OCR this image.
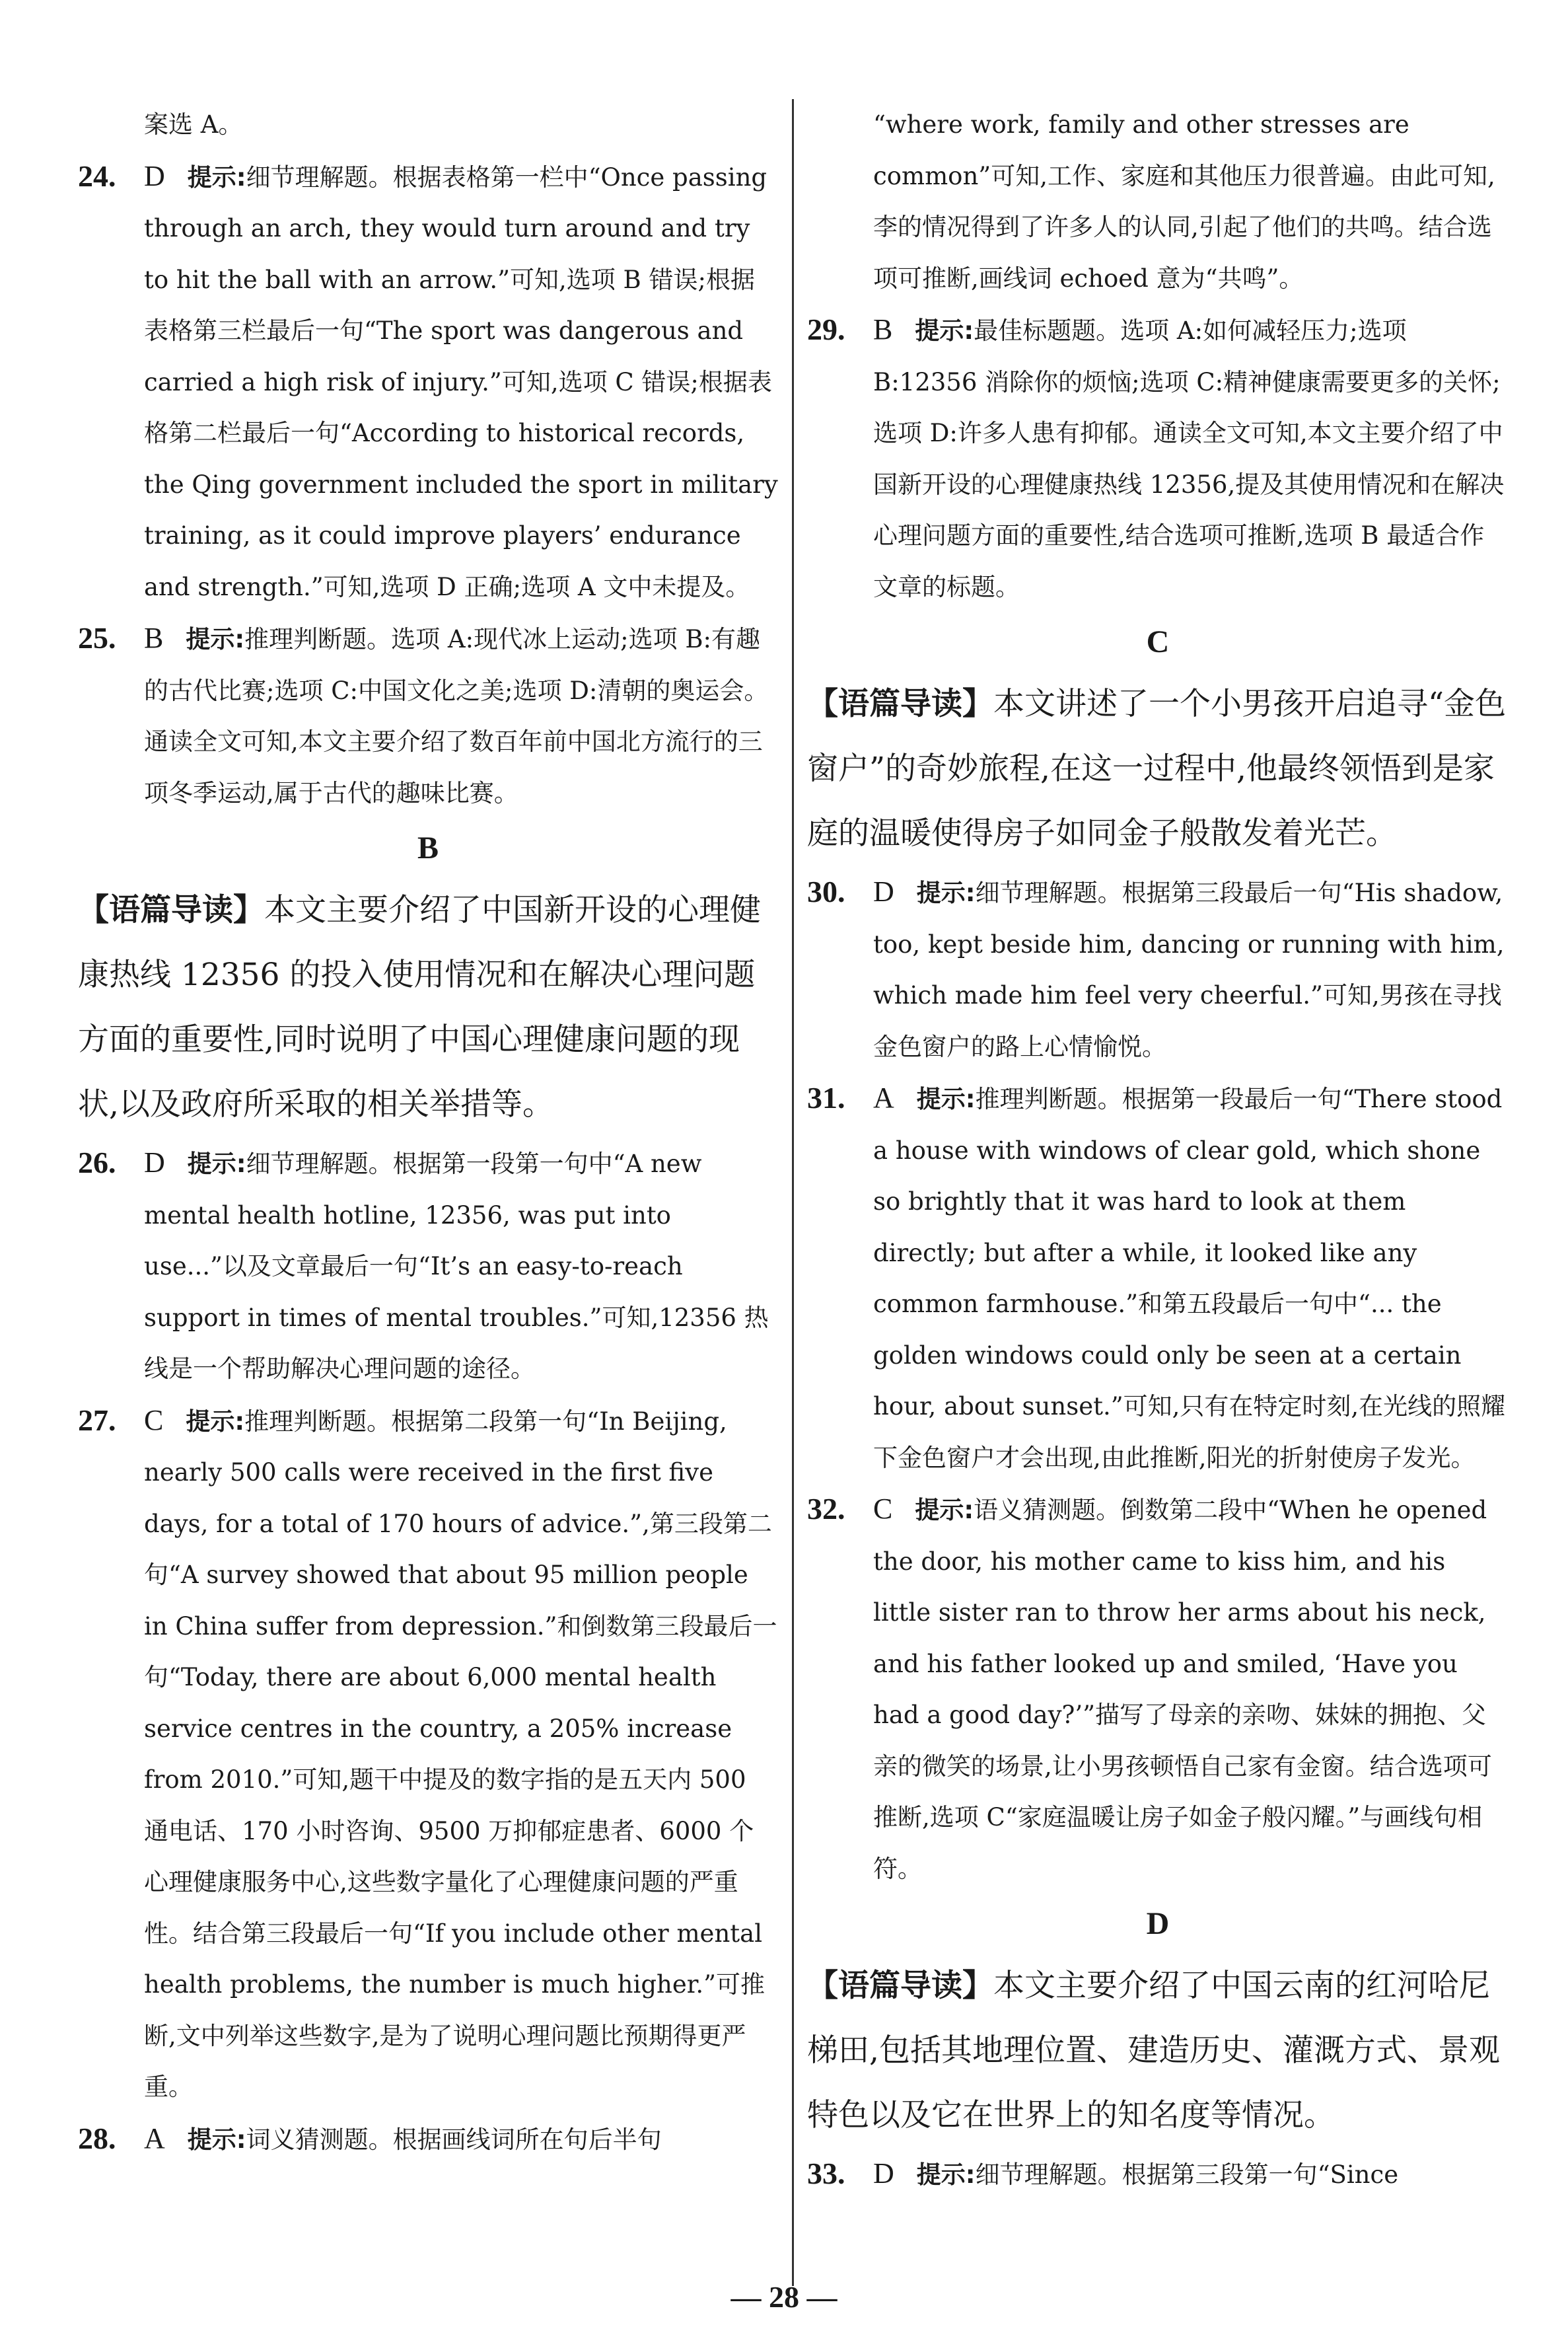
案选 A。

24. D 提示:细节理解题。根据表格第一栏中“Once passing through an arch, they would turn around and try to hit the ball with an arrow.”可知,选项 B 错误;根据表格第三栏最后一句“The sport was dangerous and carried a high risk of injury.”可知,选项 C 错误;根据表格第二栏最后一句“According to historical records, the Qing government included the sport in military training, as it could improve players’ endurance and strength.”可知,选项 D 正确;选项 A 文中未提及。
25. B 提示:推理判断题。选项 A:现代冰上运动;选项 B:有趣的古代比赛;选项 C:中国文化之美;选项 D:清朝的奥运会。通读全文可知,本文主要介绍了数百年前中国北方流行的三项冬季运动,属于古代的趣味比赛。

B

【语篇导读】本文主要介绍了中国新开设的心理健康热线 12356 的投入使用情况和在解决心理问题方面的重要性,同时说明了中国心理健康问题的现状,以及政府所采取的相关举措等。

26. D 提示:细节理解题。根据第一段第一句中“A new mental health hotline, 12356, was put into use...”以及文章最后一句“It’s an easy-to-reach support in times of mental troubles.”可知,12356 热线是一个帮助解决心理问题的途径。
27. C 提示:推理判断题。根据第二段第一句“In Beijing, nearly 500 calls were received in the first five days, for a total of 170 hours of advice.”,第三段第二句“A survey showed that about 95 million people in China suffer from depression.”和倒数第三段最后一句“Today, there are about 6,000 mental health service centres in the country, a 205% increase from 2010.”可知,题干中提及的数字指的是五天内 500 通电话、170 小时咨询、9500 万抑郁症患者、6000 个心理健康服务中心,这些数字量化了心理健康问题的严重性。结合第三段最后一句“If you include other mental health problems, the number is much higher.”可推断,文中列举这些数字,是为了说明心理问题比预期得更严重。
28. A 提示:词义猜测题。根据画线词所在句后半句

“where work, family and other stresses are common”可知,工作、家庭和其他压力很普遍。由此可知,李的情况得到了许多人的认同,引起了他们的共鸣。结合选项可推断,画线词 echoed 意为“共鸣”。

29. B 提示:最佳标题题。选项 A:如何减轻压力;选项 B:12356 消除你的烦恼;选项 C:精神健康需要更多的关怀;选项 D:许多人患有抑郁。通读全文可知,本文主要介绍了中国新开设的心理健康热线 12356,提及其使用情况和在解决心理问题方面的重要性,结合选项可推断,选项 B 最适合作文章的标题。

C

【语篇导读】本文讲述了一个小男孩开启追寻“金色窗户”的奇妙旅程,在这一过程中,他最终领悟到是家庭的温暖使得房子如同金子般散发着光芒。

30. D 提示:细节理解题。根据第三段最后一句“His shadow, too, kept beside him, dancing or running with him, which made him feel very cheerful.”可知,男孩在寻找金色窗户的路上心情愉悦。
31. A 提示:推理判断题。根据第一段最后一句“There stood a house with windows of clear gold, which shone so brightly that it was hard to look at them directly; but after a while, it looked like any common farmhouse.”和第五段最后一句中“... the golden windows could only be seen at a certain hour, about sunset.”可知,只有在特定时刻,在光线的照耀下金色窗户才会出现,由此推断,阳光的折射使房子发光。
32. C 提示:语义猜测题。倒数第二段中“When he opened the door, his mother came to kiss him, and his little sister ran to throw her arms about his neck, and his father looked up and smiled, ‘Have you had a good day?’”描写了母亲的亲吻、妹妹的拥抱、父亲的微笑的场景,让小男孩顿悟自己家有金窗。结合选项可推断,选项 C“家庭温暖让房子如金子般闪耀。”与画线句相符。

D

【语篇导读】本文主要介绍了中国云南的红河哈尼梯田,包括其地理位置、建造历史、灌溉方式、景观特色以及它在世界上的知名度等情况。

33. D 提示:细节理解题。根据第三段第一句“Since
— 28 —
